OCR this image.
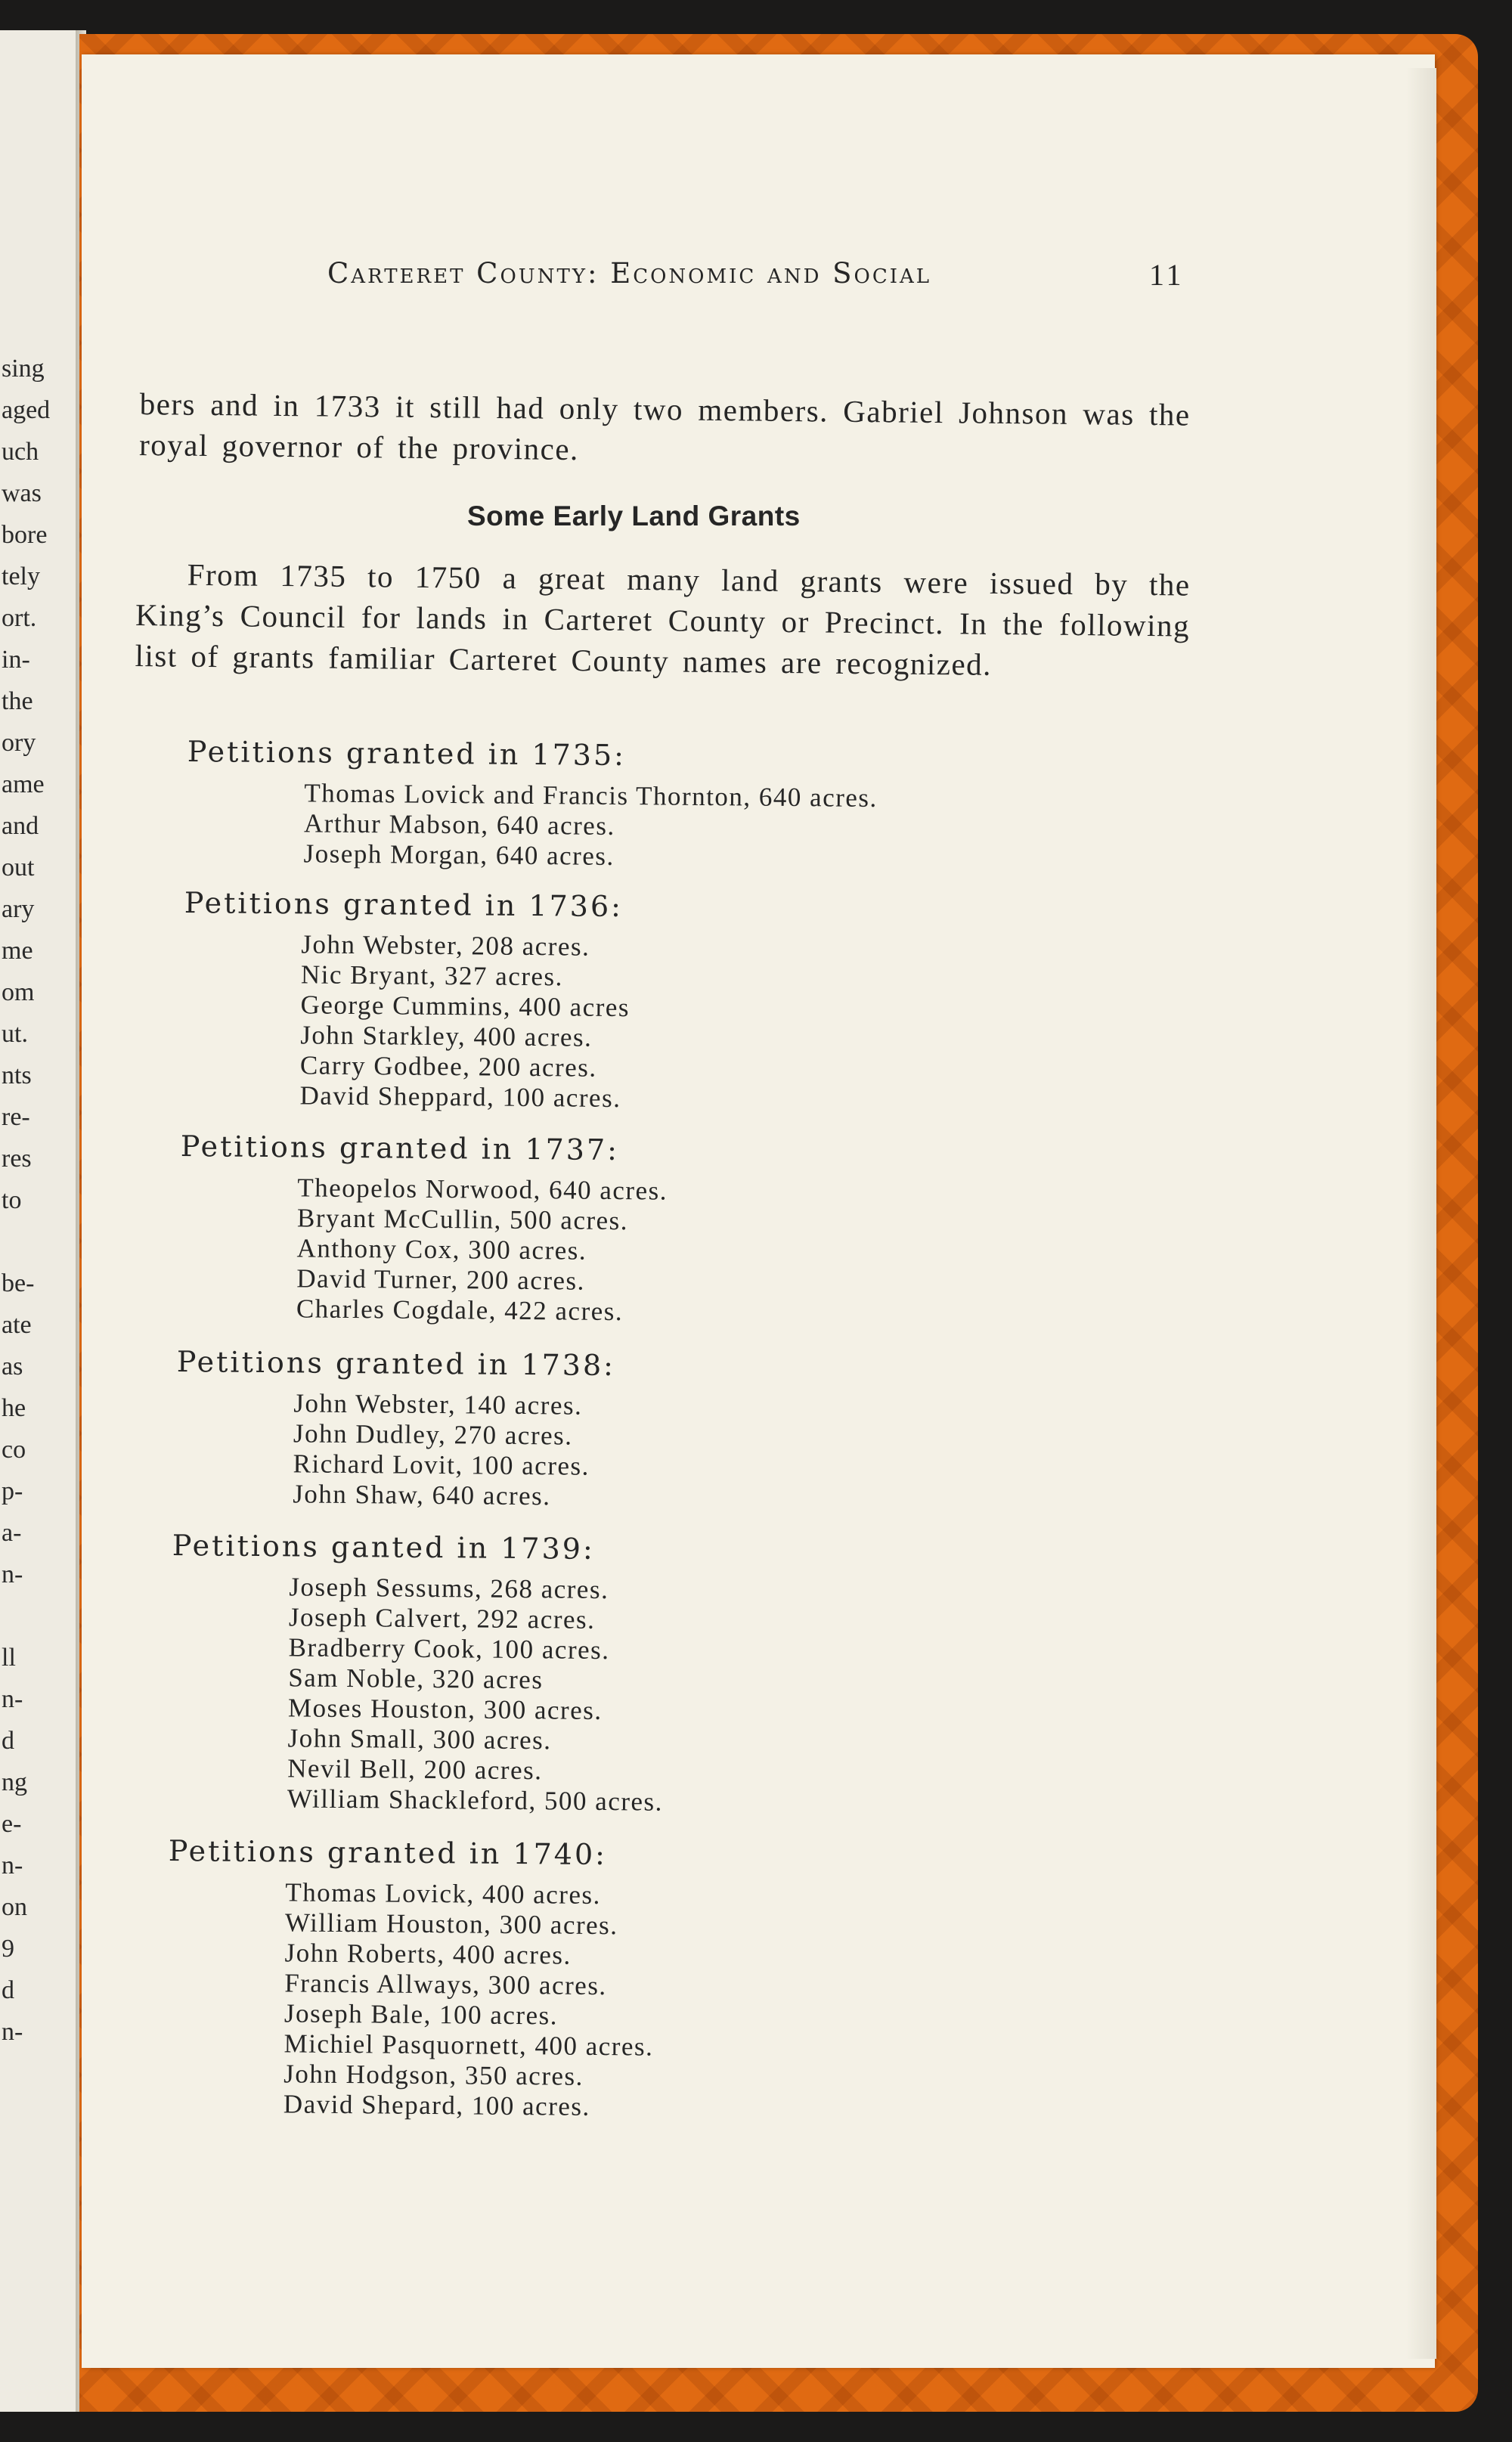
sing
aged
uch
was
bore
tely
ort.
in-
the
ory
ame
and
out
ary
me
om
ut.
nts
re-
res
to
be-
ate
as
he
co
p-
a-
n-
ll
n-
d
ng
e-
n-
on
9
d
n-
Carteret County: Economic and Social	11
bers and in 1733 it still had only two members. Gabriel Johnson was the royal governor of the province.
Some Early Land Grants
From 1735 to 1750 a great many land grants were issued by the King’s Council for lands in Carteret County or Precinct. In the following list of grants familiar Carteret County names are recognized.
Petitions granted in 1735:
Thomas Lovick and Francis Thornton, 640 acres.
Arthur Mabson, 640 acres.
Joseph Morgan, 640 acres.
Petitions granted in 1736:
John Webster, 208 acres.
Nic Bryant, 327 acres.
George Cummins, 400 acres
John Starkley, 400 acres.
Carry Godbee, 200 acres.
David Sheppard, 100 acres.
Petitions granted in 1737:
Theopelos Norwood, 640 acres.
Bryant McCullin, 500 acres.
Anthony Cox, 300 acres.
David Turner, 200 acres.
Charles Cogdale, 422 acres.
Petitions granted in 1738:
John Webster, 140 acres.
John Dudley, 270 acres.
Richard Lovit, 100 acres.
John Shaw, 640 acres.
Petitions ganted in 1739:
Joseph Sessums, 268 acres.
Joseph Calvert, 292 acres.
Bradberry Cook, 100 acres.
Sam Noble, 320 acres
Moses Houston, 300 acres.
John Small, 300 acres.
Nevil Bell, 200 acres.
William Shackleford, 500 acres.
Petitions granted in 1740:
Thomas Lovick, 400 acres.
William Houston, 300 acres.
John Roberts, 400 acres.
Francis Allways, 300 acres.
Joseph Bale, 100 acres.
Michiel Pasquornett, 400 acres.
John Hodgson, 350 acres.
David Shepard, 100 acres.
